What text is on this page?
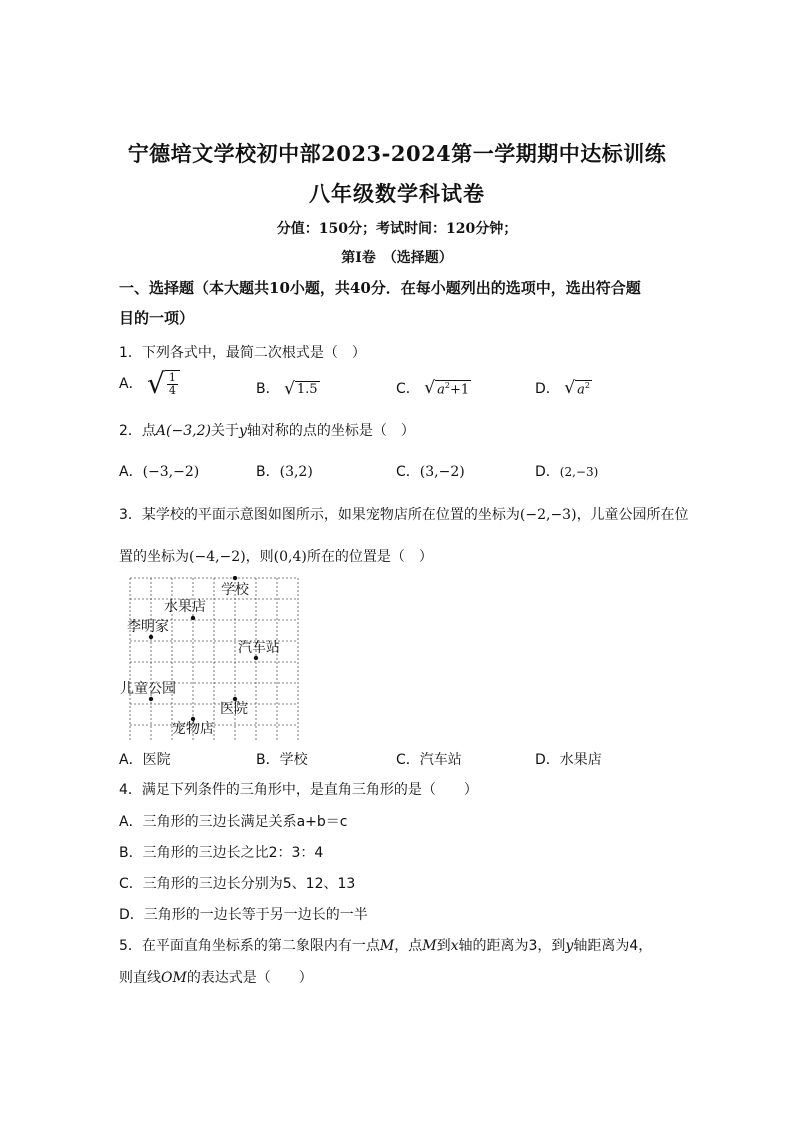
宁德培文学校初中部2023-2024第一学期期中达标训练
八年级数学科试卷
分值：150分；考试时间：120分钟；
第Ⅰ卷　（选择题）
一、选择题（本大题共10小题，共40分．在每小题列出的选项中，选出符合题
目的一项）
1．下列各式中，最简二次根式是（　）
A． √ $\frac{1}{4}$	B． √ 1.5	C． √ $a^2+1$	D． √ $a^2$
2．点A(−3,2)关于y轴对称的点的坐标是（　）
A．(−3,−2)	B．(3,2)	C．(3,−2)	D．(2,−3)
3．某学校的平面示意图如图所示，如果宠物店所在位置的坐标为(−2,−3)，儿童公园所在位
置的坐标为(−4,−2)，则(0,4)所在的位置是（　）
学校
水果店
李明家
汽车站
儿童公园
医院
宠物店
A．医院	B．学校	C．汽车站	D．水果店
4．满足下列条件的三角形中，是直角三角形的是（　　）
A．三角形的三边长满足关系a+b＝c
B．三角形的三边长之比2：3：4
C．三角形的三边长分别为5、12、13
D．三角形的一边长等于另一边长的一半
5．在平面直角坐标系的第二象限内有一点M，点M到x轴的距离为3，到y轴距离为4，
则直线OM的表达式是（　　）
